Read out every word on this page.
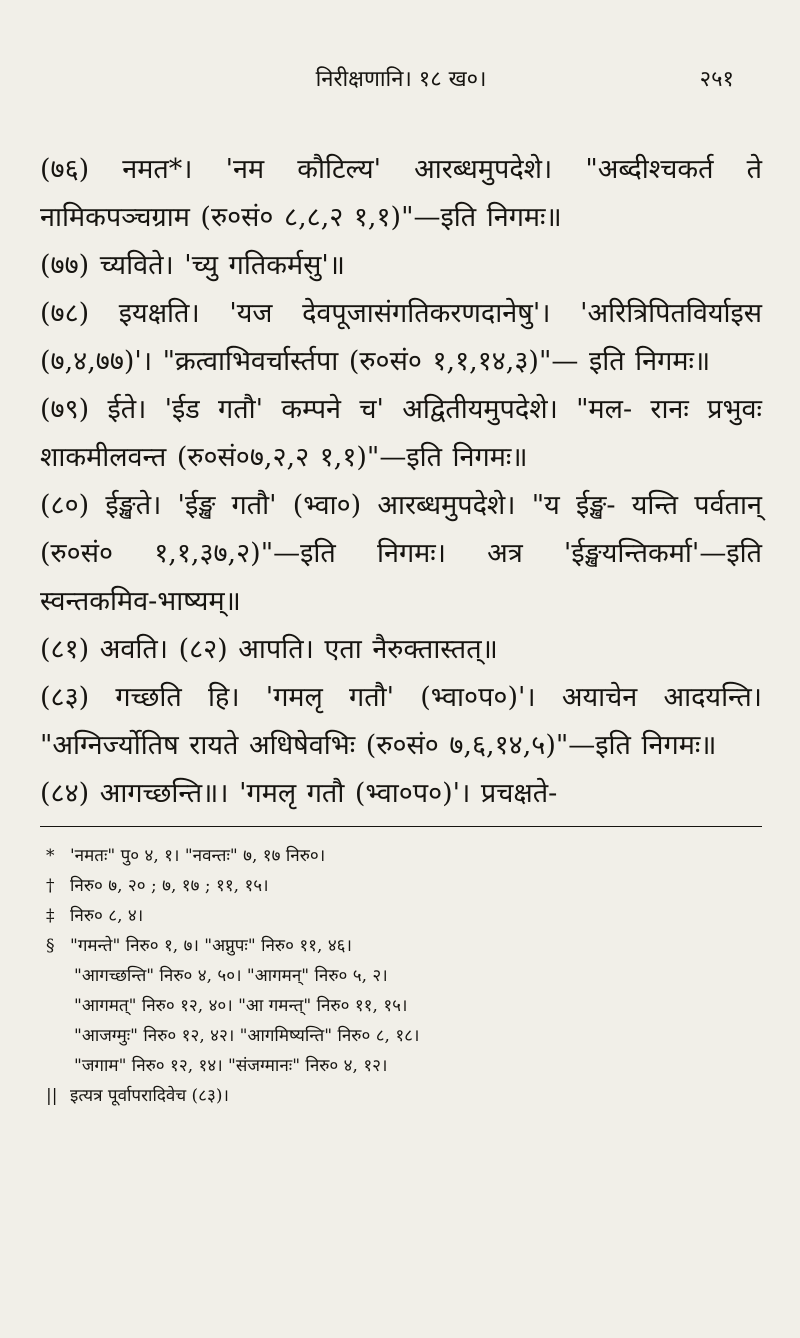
निरीक्षणानि। १८ ख०।	२५१

(७६) नमत*। 'नम कौटिल्य' आरब्धमुपदेशे। "अब्दीश्चकर्त ते नामिकपञ्चग्राम (रु०सं० ८,८,२ १,१)"—इति निगमः॥

(७७) च्यविते। 'च्यु गतिकर्मसु'॥

(७८) इयक्षति। 'यज देवपूजासंगतिकरणदानेषु'। 'अरित्रिपितविर्याइस (७,४,७७)'। "क्रत्वाभिवर्चार्स्तपा (रु०सं० १,१,१४,३)"— इति निगमः॥

(७९) ईते। 'ईड गतौ' कम्पने च' अद्वितीयमुपदेशे। "मल- रानः प्रभुवः शाकमीलवन्त (रु०सं०७,२,२ १,१)"—इति निगमः॥

(८०) ईङ्खते। 'ईङ्ख गतौ' (भ्वा०) आरब्धमुपदेशे। "य ईङ्ख- यन्ति पर्वतान् (रु०सं० १,१,३७,२)"—इति निगमः। अत्र 'ईङ्खयन्तिकर्मा'—इति स्वन्तकमिव-भाष्यम्॥

(८१) अवति। (८२) आपति। एता नैरुक्तास्तत्॥

(८३) गच्छति हि। 'गमलृ गतौ' (भ्वा०प०)'। अयाचेन आदयन्ति। "अग्निर्ज्योतिष रायते अधिषेवभिः (रु०सं० ७,६,१४,५)"—इति निगमः॥

(८४) आगच्छन्ति॥। 'गमलृ गतौ (भ्वा०प०)'। प्रचक्षते-

* 'नमतः" पु० ४, १। "नवन्तः" ७, १७ निरु०।

† निरु० ७, २० ; ७, १७ ; ११, १५।

‡ निरु० ८, ४।

§ "गमन्ते" निरु० १, ७। "अप्नुपः" निरु० ११, ४६।

"आगच्छन्ति" निरु० ४, ५०। "आगमन्" निरु० ५, २।

"आगमत्" निरु० १२, ४०। "आ गमन्त्" निरु० ११, १५।

"आजग्मुः" निरु० १२, ४२। "आगमिष्यन्ति" निरु० ८, १८।

"जगाम" निरु० १२, १४। "संजग्मानः" निरु० ४, १२।

|| इत्यत्र पूर्वापरादिवेच (८३)।
